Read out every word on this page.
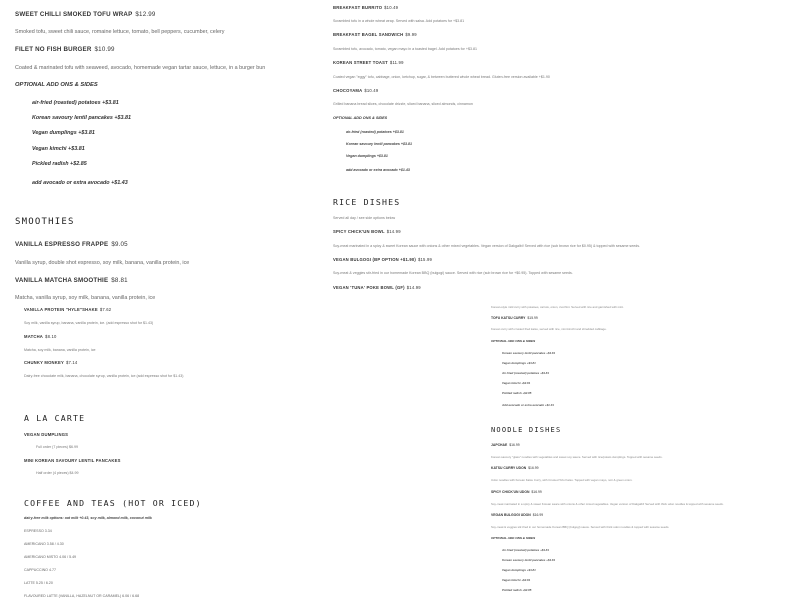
SWEET CHILLI SMOKED TOFU WRAP $12.99
Smoked tofu, sweet chili sauce, romaine lettuce, tomato, bell peppers, cucumber, celery
FILET NO FISH BURGER $10.99
Coated & marinated tofu with seaweed, avocado, homemade vegan tartar sauce, lettuce, in a burger bun
OPTIONAL ADD ONS & SIDES
air-fried (roasted) potatoes +$3.81
Korean savoury lentil pancakes +$3.81
Vegan dumplings +$3.81
Vegan kimchi +$3.81
Pickled radish +$2.85
add avocado or extra avocado +$1.43
SMOOTHIES
VANILLA ESPRESSO FRAPPE $9.05
Vanilla syrup, double shot espresso, soy milk, banana, vanilla protein, ice
VANILLA MATCHA SMOOTHIE $8.81
Matcha, vanilla syrup, soy milk, banana, vanilla protein, ice
VANILLA PROTEIN "HYLE"SHAKE $7.62
Soy milk, vanilla syrup, banana, vanilla protein, ice. (add espresso shot for $1.43)
MATCHA $8.10
Matcha, soy milk, banana, vanilla protein, ice
CHUNKY MONKEY $7.14
Dairy-free chocolate milk, banana, chocolate syrup, vanilla protein, ice (add espresso shot for $1.43)
A LA CARTE
VEGAN DUMPLINGS
Full order (7 pieces) $6.99
Half order (4 pieces) $4.99
MINI KOREAN SAVOURY LENTIL PANCAKES
COFFEE AND TEAS (HOT OR ICED)
dairy-free milk options: oat milk +0.43, soy milk, almond milk, coconut milk
ESPRESSO 3.34
AMERICANO 3.58 / 4.30
AMERICANO MISTO 4.06 / 5.49
CAPPUCCINO 4.77
LATTE 5.25 / 6.20
FLAVOURED LATTE (VANILLA, HAZELNUT OR CARAMEL) 6.06 / 6.68
BREAKFAST BURRITO $10.49
Scrambled tofu in a whole wheat wrap. Served with salsa. Add potatoes for +$3.81
BREAKFAST BAGEL SANDWICH $9.99
Scrambled tofu, avocado, tomato, vegan mayo in a toasted bagel. Add potatoes for +$3.81
KOREAN STREET TOAST $11.99
Coated vegan "eggy" tofu, cabbage, onion, ketchup, sugar, & between buttered whole wheat bread. Gluten-free version available +$1.90
CHOCOYAMA $10.49
Grilled banana bread slices, chocolate drizzle, sliced banana, sliced almonds, cinnamon
OPTIONAL ADD ONS & SIDES
air-fried (roasted) potatoes +$3.81
Korean savoury lentil pancakes +$3.81
Vegan dumplings +$3.81
add avocado or extra avocado +$1.43
RICE DISHES
Served all day / see side options below
SPICY CHICK'UN BOWL $14.99
Soy-meat marinated in a spicy & sweet Korean sauce with onions & other mixed vegetables. Vegan version of Dakgalbi! Served with rice (sub brown rice for $0.95) & topped with sesame seeds.
VEGAN BULGOGI (BP OPTION +$1.90) $15.99
Soy-meat & veggies stir-fried in our homemade Korean BBQ (bulgogi) sauce. Served with rice (sub brown rice for +$0.95). Topped with sesame seeds.
VEGAN 'TUNA' POKE BOWL (GF) $14.99
Korean-style mild curry with potatoes, carrots, onion, zucchini. Served with rice and garnished with mint.
TOFU KATSU CURRY $15.99
Korean curry with crusted fried katsu, served with rice, mini kimchi and shredded cabbage.
OPTIONAL ADD ONS & SIDES
Korean savoury lentil pancakes +$3.81
Vegan dumplings +$3.81
Air-fried (roasted) potatoes +$3.81
Vegan kimchi +$3.81
Pickled radish +$2.85
Add avocado or extra avocado +$1.43
NOODLE DISHES
JAPCHAE $16.99
Korean savoury "glass" noodles with vegetables and sweet soy sauce. Served with rice/potato dumplings. Topped with sesame seeds.
KATSU CURRY UDON $16.99
Udon noodles with Korean Katsu Curry, with Crusted Tofu Katsu. Topped with vegan mayo, nori & green onion.
SPICY CHICK'UN UDON $16.99
Soy-meat marinated in a spicy & sweet Korean sauce with onions & other mixed vegetables. Vegan version of Dakgalbi! Served with thick udon noodles & topped with sesame seeds.
VEGAN BULGOGI UDON $16.99
Soy-meat & veggies stir-fried in our homemade Korean BBQ (bulgogi) sauce. Served with thick udon noodles & topped with sesame seeds.
OPTIONAL ADD ONS & SIDES
Air-fried (roasted) potatoes +$3.81
Korean savoury lentil pancakes +$3.81
Vegan dumplings +$3.81
Vegan kimchi +$3.81
Pickled radish +$2.85
